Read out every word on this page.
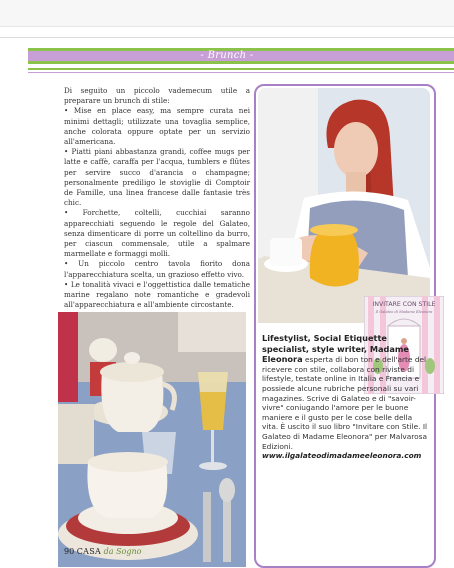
- Brunch -

Di seguito un piccolo vademecum utile a preparare un brunch di stile:

• Mise en place easy, ma sempre curata nei minimi dettagli; utilizzate una tovaglia semplice, anche colorata oppure optate per un servizio all'americana.

• Piatti piani abbastanza grandi, coffee mugs per latte e caffè, caraffa per l'acqua, tumblers e flûtes per servire succo d'arancia o champagne; personalmente prediligo le stoviglie di Comptoir de Famille, una linea francese dalle fantasie très chic.

• Forchette, coltelli, cucchiai saranno apparecchiati seguendo le regole del Galateo, senza dimenticare di porre un coltellino da burro, per ciascun commensale, utile a spalmare marmellate e formaggi molli.

• Un piccolo centro tavola fiorito dona l'apparecchiatura scelta, un grazioso effetto vivo.

• Le tonalità vivaci e l'oggettistica dalle tematiche marine regalano note romantiche e gradevoli all'apparecchiatura e all'ambiente circostante.	INVITARE CON STILE
Il Galateo di Madame Eleonora
Lifestylist, Social Etiquette specialist, style writer, Madame Eleonora esperta di bon ton e dell'arte del ricevere con stile, collabora con riviste di lifestyle, testate online in Italia e Francia e possiede alcune rubriche personali su vari magazines. Scrive di Galateo e di "savoir-vivre" coniugando l'amore per le buone maniere e il gusto per le cose belle della vita. È uscito il suo libro "Invitare con Stile. Il Galateo di Madame Eleonora" per Malvarosa Edizioni.
www.ilgalateodimadameeleonora.com
90 CASA da Sogno
